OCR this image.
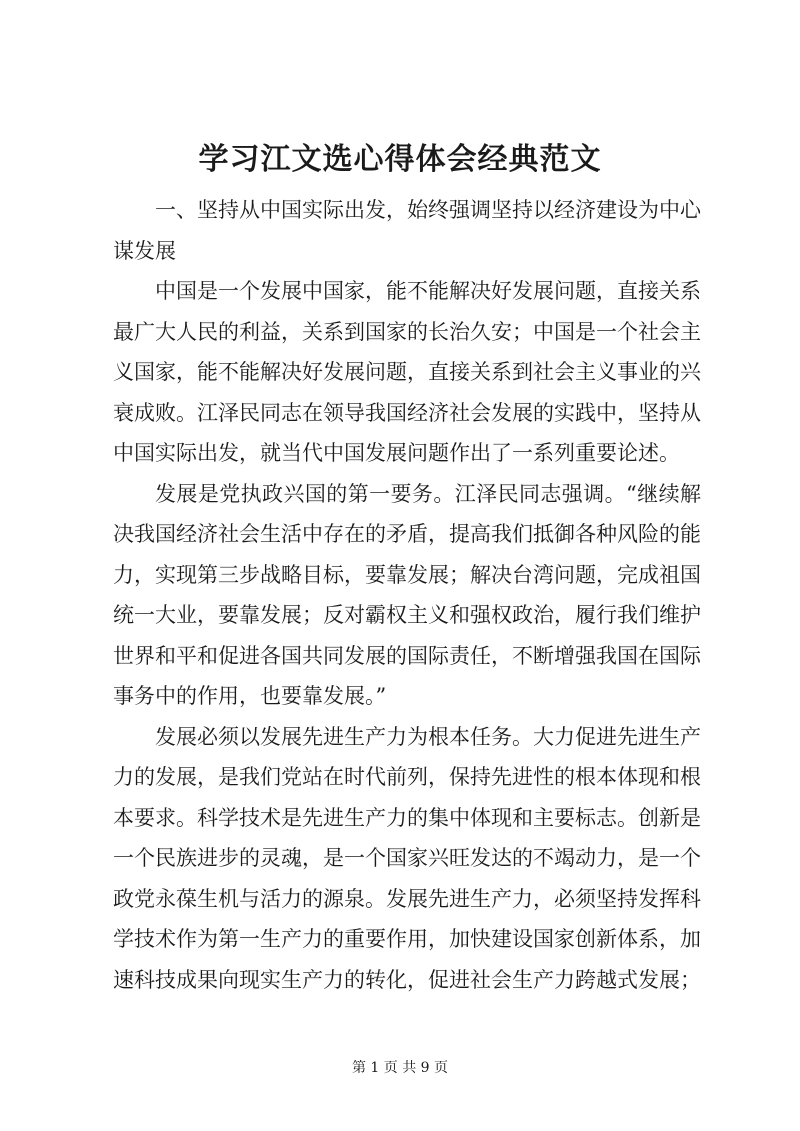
学习江文选心得体会经典范文

一、坚持从中国实际出发，始终强调坚持以经济建设为中心谋发展

中国是一个发展中国家，能不能解决好发展问题，直接关系最广大人民的利益，关系到国家的长治久安；中国是一个社会主义国家，能不能解决好发展问题，直接关系到社会主义事业的兴衰成败。江泽民同志在领导我国经济社会发展的实践中，坚持从中国实际出发，就当代中国发展问题作出了一系列重要论述。

发展是党执政兴国的第一要务。江泽民同志强调。“继续解决我国经济社会生活中存在的矛盾，提高我们抵御各种风险的能力，实现第三步战略目标，要靠发展；解决台湾问题，完成祖国统一大业，要靠发展；反对霸权主义和强权政治，履行我们维护世界和平和促进各国共同发展的国际责任，不断增强我国在国际事务中的作用，也要靠发展。”

发展必须以发展先进生产力为根本任务。大力促进先进生产力的发展，是我们党站在时代前列，保持先进性的根本体现和根本要求。科学技术是先进生产力的集中体现和主要标志。创新是一个民族进步的灵魂，是一个国家兴旺发达的不竭动力，是一个政党永葆生机与活力的源泉。发展先进生产力，必须坚持发挥科学技术作为第一生产力的重要作用，加快建设国家创新体系，加速科技成果向现实生产力的转化，促进社会生产力跨越式发展；

第 1 页 共 9 页
